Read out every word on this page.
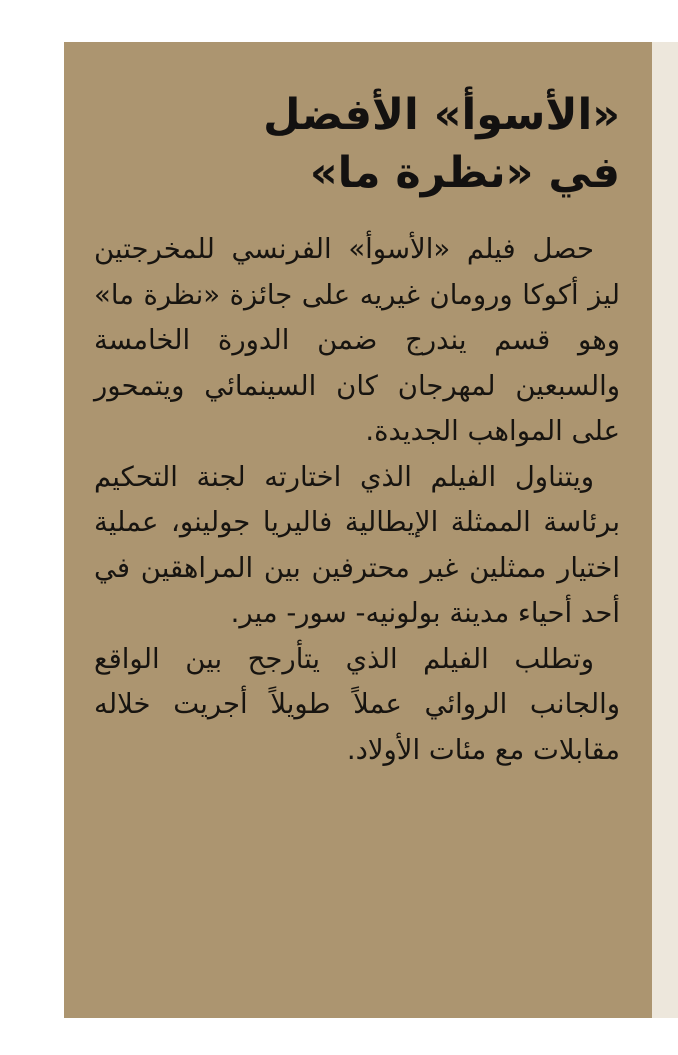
«الأسوأ» الأفضل
في «نظرة ما»

حصل فيلم «الأسوأ» الفرنسي للمخرجتين ليز أكوكا ورومان غيريه على جائزة «نظرة ما» وهو قسم يندرج ضمن الدورة الخامسة والسبعين لمهرجان كان السينمائي ويتمحور على المواهب الجديدة.

ويتناول الفيلم الذي اختارته لجنة التحكيم برئاسة الممثلة الإيطالية فاليريا جولينو، عملية اختيار ممثلين غير محترفين بين المراهقين في أحد أحياء مدينة بولونيه- سور- مير.

وتطلب الفيلم الذي يتأرجح بين الواقع والجانب الروائي عملاً طويلاً أجريت خلاله مقابلات مع مئات الأولاد.
